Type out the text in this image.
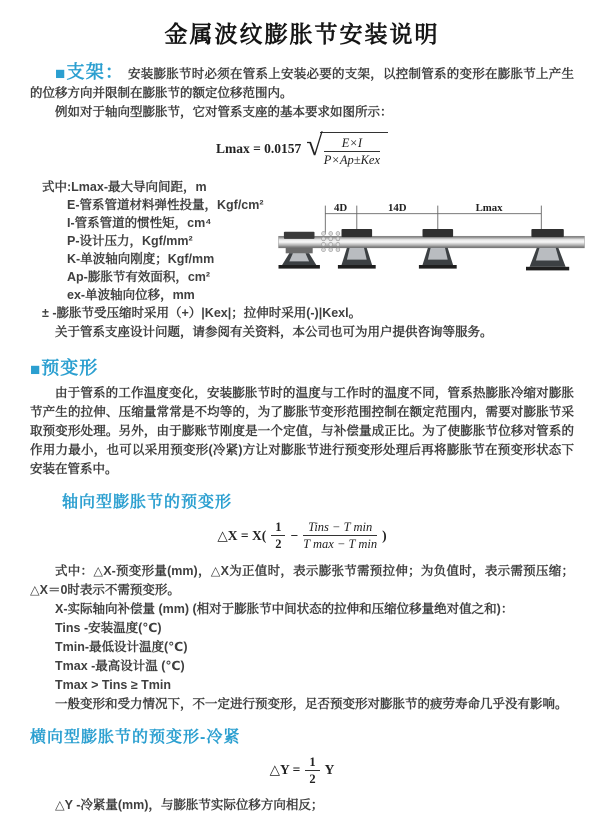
金属波纹膨胀节安装说明

■支架： 安装膨胀节时必须在管系上安装必要的支架，以控制管系的变形在膨胀节上产生的位移方向并限制在膨胀节的额定位移范围内。

例如对于轴向型膨胀节，它对管系支座的基本要求如图所示：

Lmax = 0.0157 √ $\frac{E\times I}{\text{P×Ap±Kex}}$
式中:Lmax-最大导向间距，m
E-管系管道材料弹性投量，Kgf/cm²
I-管系管道的惯性矩，cm⁴
P-设计压力，Kgf/mm²
K-单波轴向刚度；Kgf/mm
Ap-膨胀节有效面积，cm²
ex-单波轴向位移，mm
4D	14D	Lmax
± -膨胀节受压缩时采用（+）|Kex|；拉伸时采用(-)|Kexl。

关于管系支座设计问题，请参阅有关资料，本公司也可为用户提供咨询等服务。

■预变形

由于管系的工作温度变化，安装膨胀节时的温度与工作时的温度不同，管系热膨胀冷缩对膨胀节产生的拉伸、压缩量常常是不均等的，为了膨胀节变形范围控制在额定范围内，需要对膨胀节采取预变形处理。另外，由于膨账节刚度是一个定值，与补偿量成正比。为了使膨胀节位移对管系的作用力最小，也可以采用预变形(冷紧)方让对膨胀节进行预变形处理后再将膨胀节在预变形状态下安装在管系中。

轴向型膨胀节的预变形
△X = $X( \frac{1}{2} - \frac{\text{Tins − T min}}{\text{T max − T min}}$ )

式中：△X-预变形量(mm)，△X为正值时，表示膨张节需预拉伸；为负值时，表示需预压缩；△X＝0时表示不需预变形。

X-实际轴向补偿量 (mm) (相对于膨胀节中间状态的拉伸和压缩位移量绝对值之和)：
Tins -安装温度(℃)
Tmin-最低设计温度(℃)
Tmax -最高设计温 (℃)
Tmax > Tins ≥ Tmin

一般变形和受力情况下，不一定进行预变形，足否预变形对膨胀节的疲劳寿命几乎没有影响。

横向型膨胀节的预变形-冷紧
△Y = $\frac{1}{2}$ Y
△Y -冷紧量(mm)，与膨胀节实际位移方向相反；
